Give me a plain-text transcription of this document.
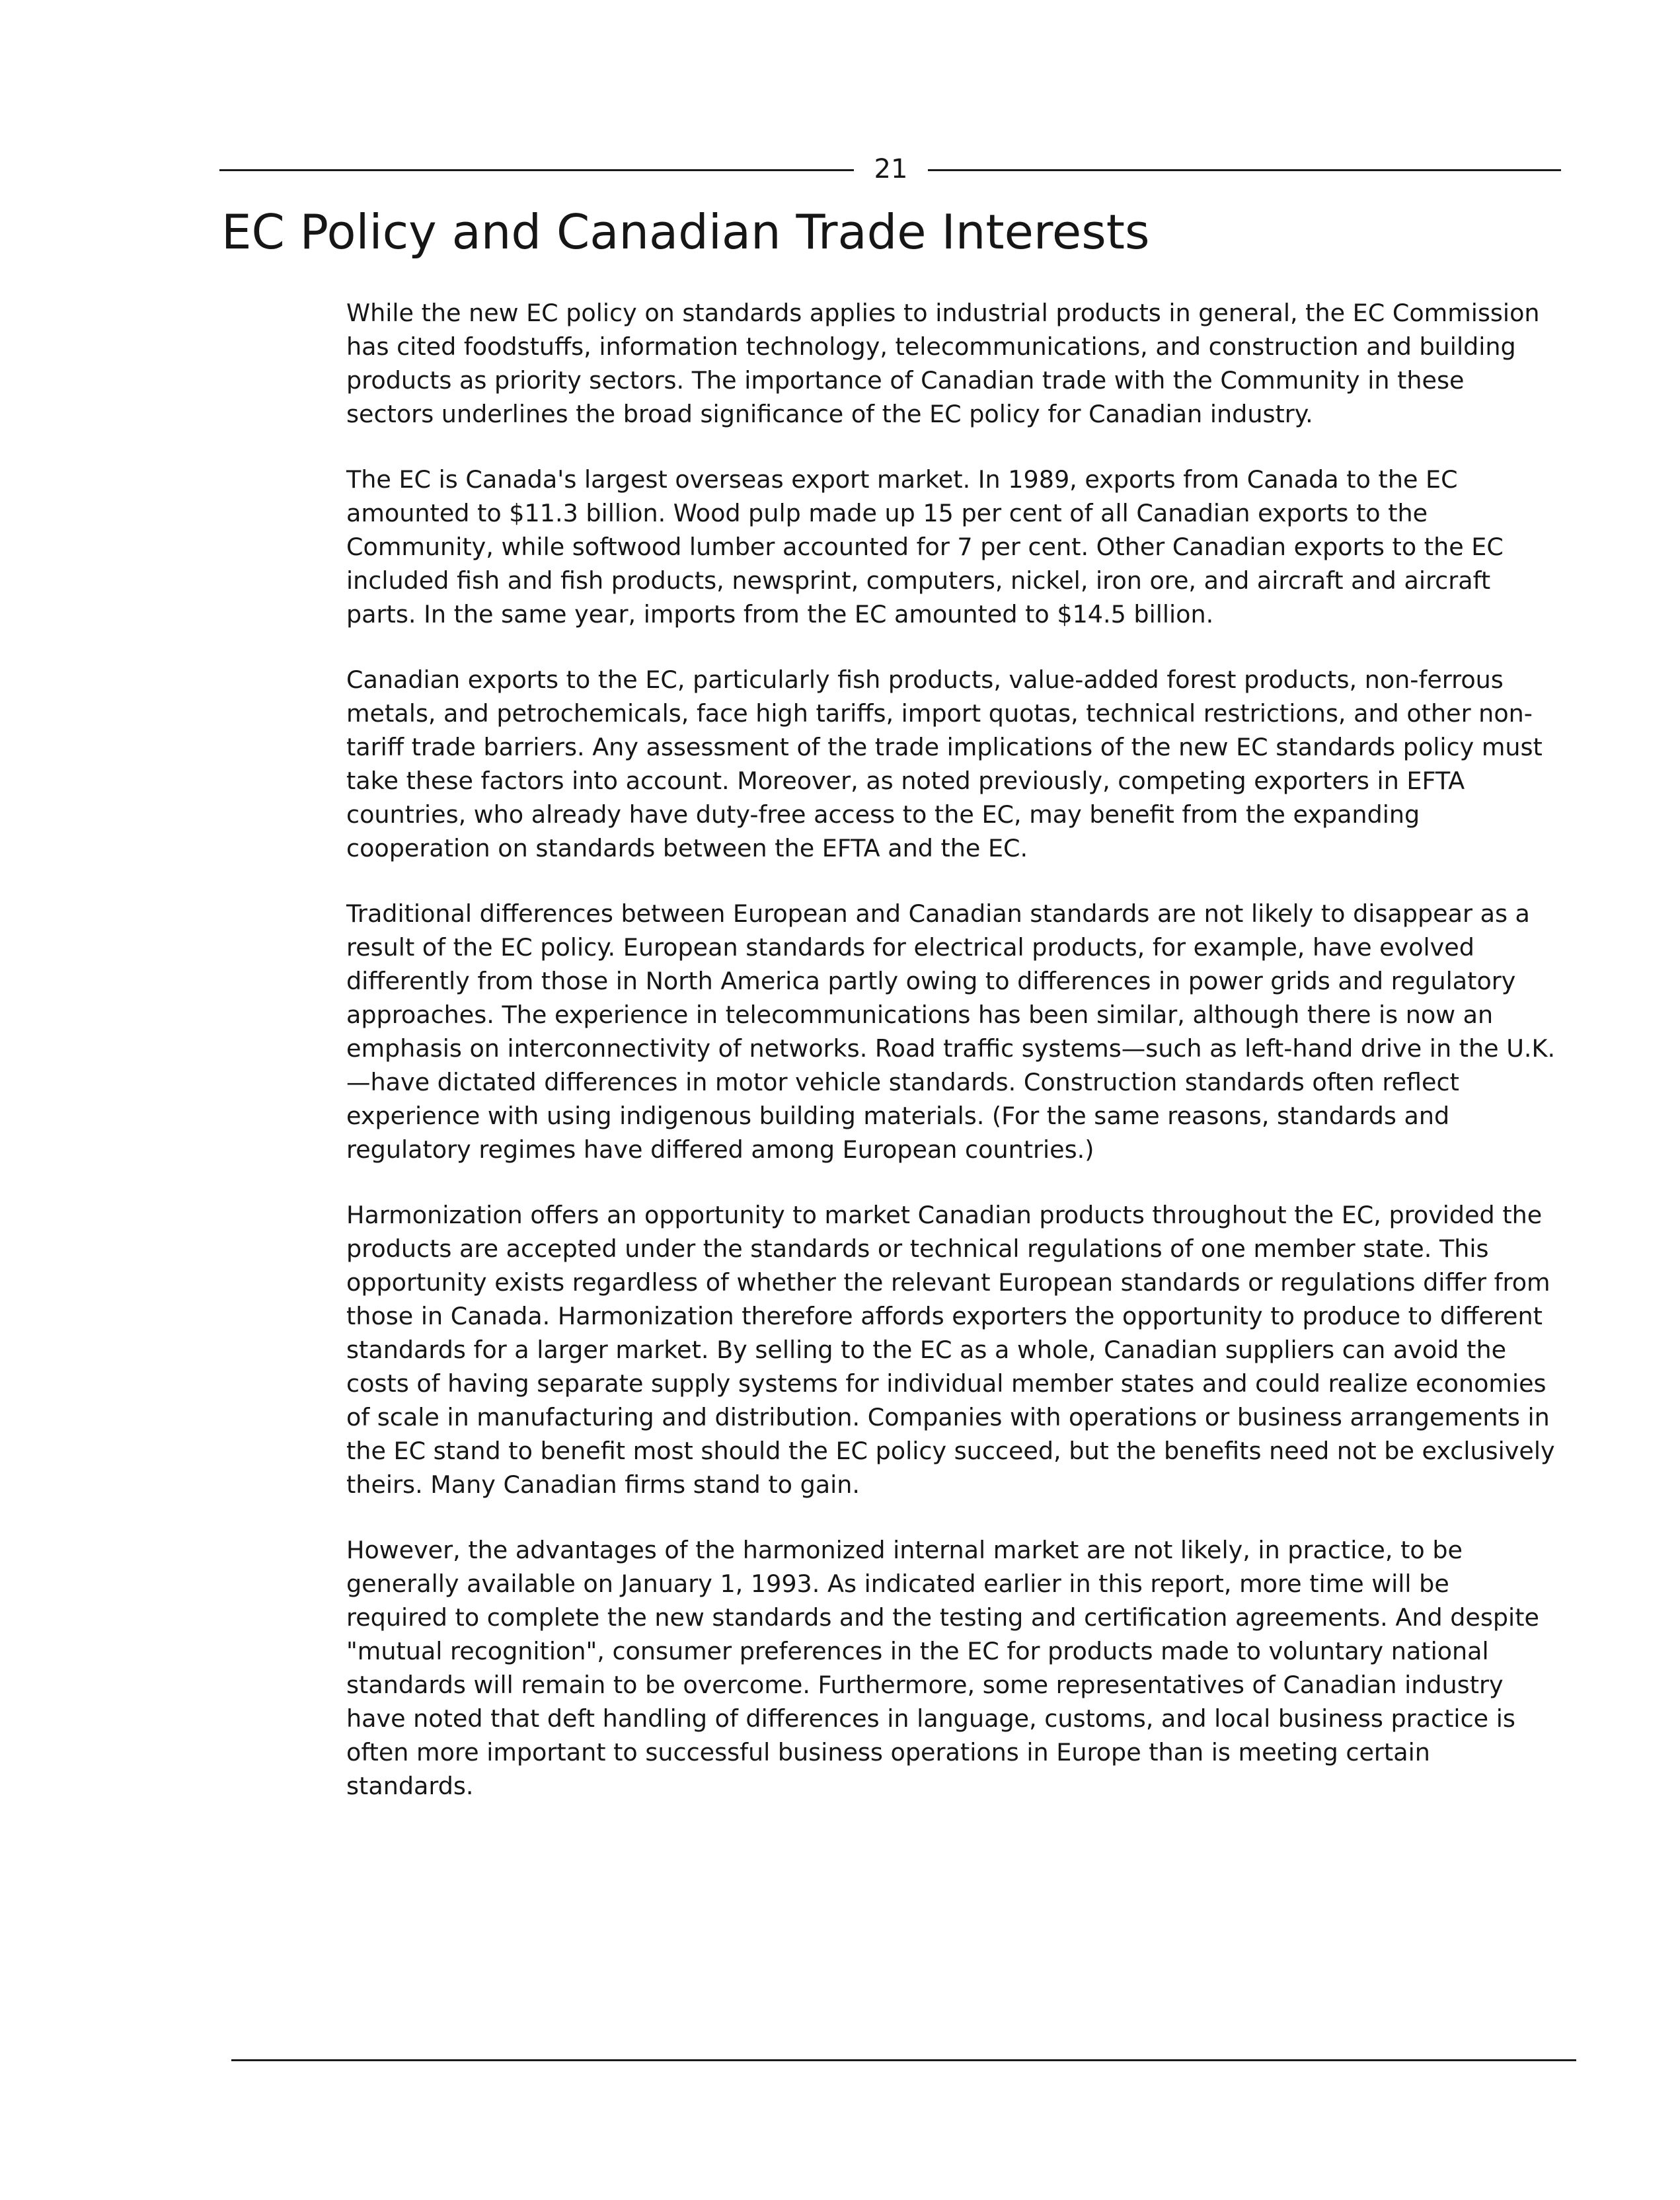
21
EC Policy and Canadian Trade Interests

While the new EC policy on standards applies to industrial products in general, the EC Commission has cited foodstuffs, information technology, telecommunications, and construction and building products as priority sectors. The importance of Canadian trade with the Community in these sectors underlines the broad significance of the EC policy for Canadian industry.

The EC is Canada's largest overseas export market. In 1989, exports from Canada to the EC amounted to $11.3 billion. Wood pulp made up 15 per cent of all Canadian exports to the Community, while softwood lumber accounted for 7 per cent. Other Canadian exports to the EC included fish and fish products, newsprint, computers, nickel, iron ore, and aircraft and aircraft parts. In the same year, imports from the EC amounted to $14.5 billion.

Canadian exports to the EC, particularly fish products, value-added forest products, non-ferrous metals, and petrochemicals, face high tariffs, import quotas, technical restrictions, and other non-tariff trade barriers. Any assessment of the trade implications of the new EC standards policy must take these factors into account. Moreover, as noted previously, competing exporters in EFTA countries, who already have duty-free access to the EC, may benefit from the expanding cooperation on standards between the EFTA and the EC.

Traditional differences between European and Canadian standards are not likely to disappear as a result of the EC policy. European standards for electrical products, for example, have evolved differently from those in North America partly owing to differences in power grids and regulatory approaches. The experience in telecommunications has been similar, although there is now an emphasis on interconnectivity of networks. Road traffic systems—such as left-hand drive in the U.K.—have dictated differences in motor vehicle standards. Construction standards often reflect experience with using indigenous building materials. (For the same reasons, standards and regulatory regimes have differed among European countries.)

Harmonization offers an opportunity to market Canadian products throughout the EC, provided the products are accepted under the standards or technical regulations of one member state. This opportunity exists regardless of whether the relevant European standards or regulations differ from those in Canada. Harmonization therefore affords exporters the opportunity to produce to different standards for a larger market. By selling to the EC as a whole, Canadian suppliers can avoid the costs of having separate supply systems for individual member states and could realize economies of scale in manufacturing and distribution. Companies with operations or business arrangements in the EC stand to benefit most should the EC policy succeed, but the benefits need not be exclusively theirs. Many Canadian firms stand to gain.

However, the advantages of the harmonized internal market are not likely, in practice, to be generally available on January 1, 1993. As indicated earlier in this report, more time will be required to complete the new standards and the testing and certification agreements. And despite "mutual recognition", consumer preferences in the EC for products made to voluntary national standards will remain to be overcome. Furthermore, some representatives of Canadian industry have noted that deft handling of differences in language, customs, and local business practice is often more important to successful business operations in Europe than is meeting certain standards.
